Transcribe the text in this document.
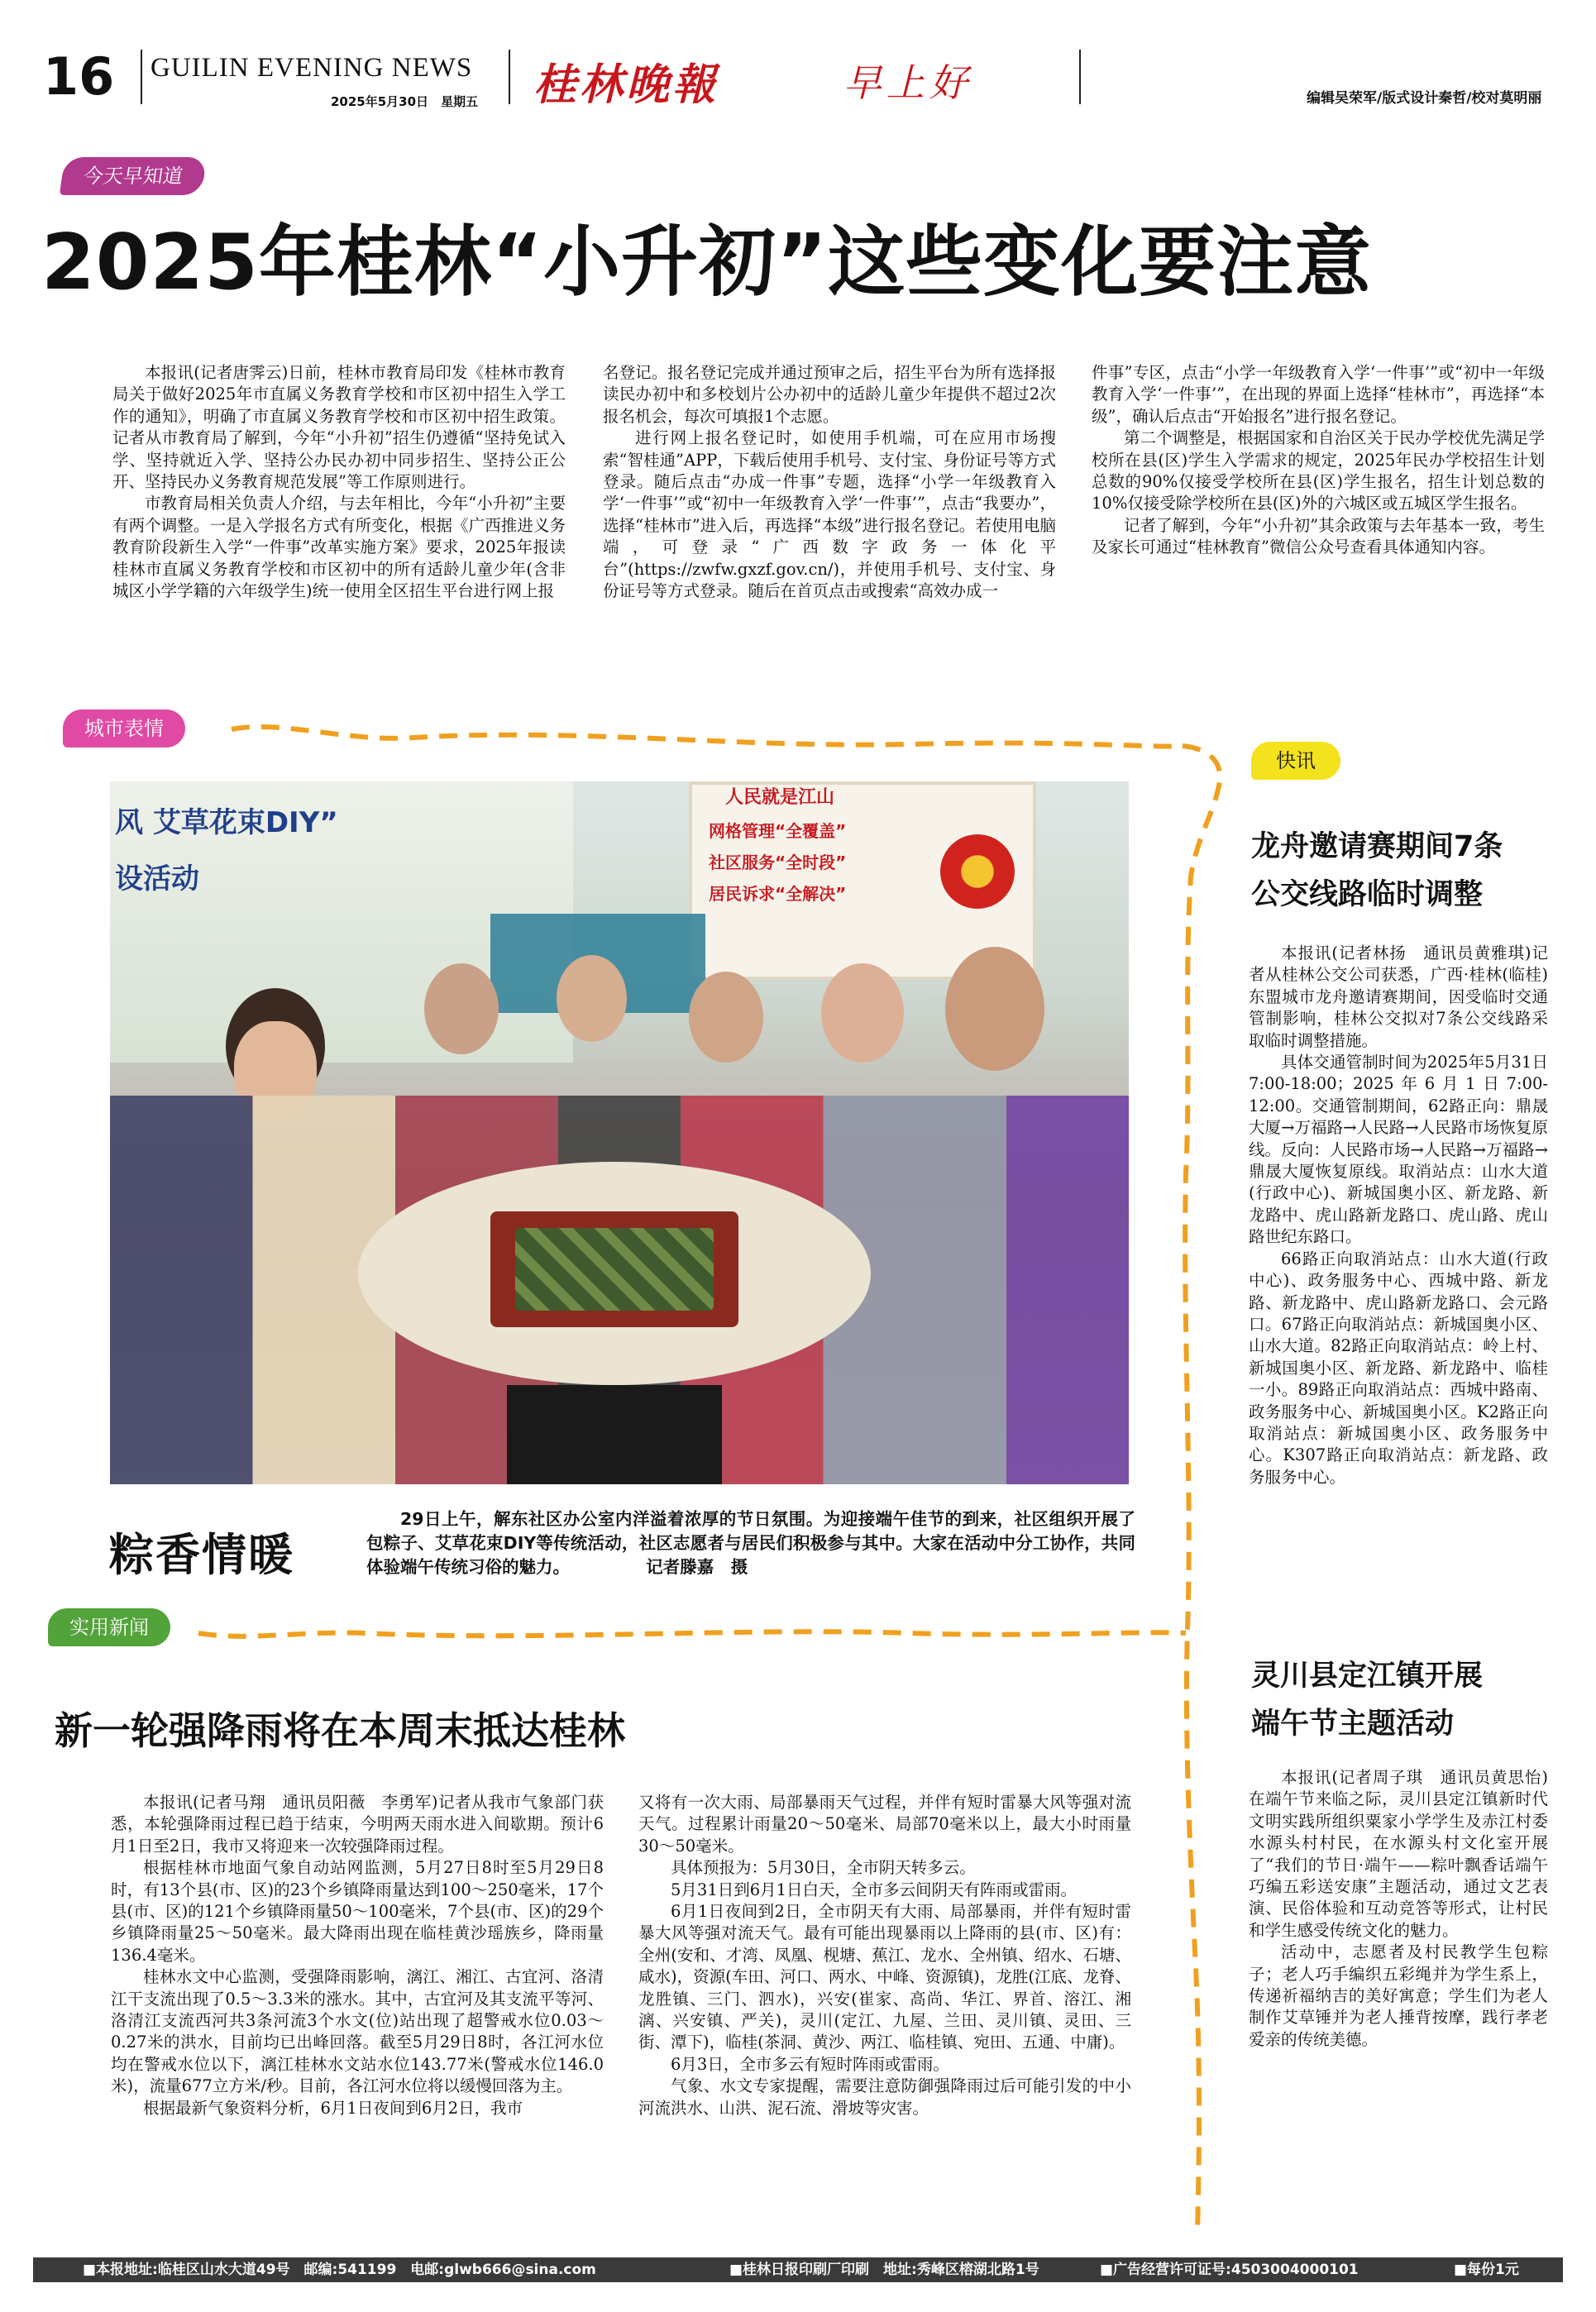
16 GUILIN EVENING NEWS
2025年5月30日　 星期五 桂林晚報	早上好	编辑吴荣军/版式设计秦哲/校对莫明丽
今天早知道
2025年桂林“小升初”这些变化要注意

本报讯(记者唐霁云)日前，桂林市教育局印发《桂林市教育局关于做好2025年市直属义务教育学校和市区初中招生入学工作的通知》，明确了市直属义务教育学校和市区初中招生政策。记者从市教育局了解到，今年“小升初”招生仍遵循“坚持免试入学、坚持就近入学、坚持公办民办初中同步招生、坚持公正公开、坚持民办义务教育规范发展”等工作原则进行。

市教育局相关负责人介绍，与去年相比，今年“小升初”主要有两个调整。一是入学报名方式有所变化，根据《广西推进义务教育阶段新生入学“一件事”改革实施方案》要求，2025年报读桂林市直属义务教育学校和市区初中的所有适龄儿童少年(含非城区小学学籍的六年级学生)统一使用全区招生平台进行网上报

名登记。报名登记完成并通过预审之后，招生平台为所有选择报读民办初中和多校划片公办初中的适龄儿童少年提供不超过2次报名机会，每次可填报1个志愿。

进行网上报名登记时，如使用手机端，可在应用市场搜索“智桂通”APP，下载后使用手机号、支付宝、身份证号等方式登录。随后点击“办成一件事”专题，选择“小学一年级教育入学‘一件事’”或“初中一年级教育入学‘一件事’”，点击“我要办”，选择“桂林市”进入后，再选择“本级”进行报名登记。若使用电脑端，可登录“广西数字政务一体化平台”(https://zwfw.gxzf.gov.cn/)，并使用手机号、支付宝、身份证号等方式登录。随后在首页点击或搜索“高效办成一

件事”专区，点击“小学一年级教育入学‘一件事’”或“初中一年级教育入学‘一件事’”，在出现的界面上选择“桂林市”，再选择“本级”，确认后点击“开始报名”进行报名登记。

第二个调整是，根据国家和自治区关于民办学校优先满足学校所在县(区)学生入学需求的规定，2025年民办学校招生计划总数的90%仅接受学校所在县(区)学生报名，招生计划总数的10%仅接受除学校所在县(区)外的六城区或五城区学生报名。

记者了解到，今年“小升初”其余政策与去年基本一致，考生及家长可通过“桂林教育”微信公众号查看具体通知内容。

城市表情
风 艾草花束DIY”
设活动
人民就是江山
网格管理“全覆盖”
社区服务“全时段”
居民诉求“全解决”
粽香情暖
29日上午，解东社区办公室内洋溢着浓厚的节日氛围。为迎接端午佳节的到来，社区组织开展了包粽子、艾草花束DIY等传统活动，社区志愿者与居民们积极参与其中。大家在活动中分工协作，共同体验端午传统习俗的魅力。　　　　　	记者滕嘉　摄
实用新闻
新一轮强降雨将在本周末抵达桂林

本报讯(记者马翔　通讯员阳薇　李勇军)记者从我市气象部门获悉，本轮强降雨过程已趋于结束，今明两天雨水进入间歇期。预计6月1日至2日，我市又将迎来一次较强降雨过程。

根据桂林市地面气象自动站网监测，5月27日8时至5月29日8时，有13个县(市、区)的23个乡镇降雨量达到100～250毫米，17个县(市、区)的121个乡镇降雨量50～100毫米，7个县(市、区)的29个乡镇降雨量25～50毫米。最大降雨出现在临桂黄沙瑶族乡，降雨量136.4毫米。

桂林水文中心监测，受强降雨影响，漓江、湘江、古宜河、洛清江干支流出现了0.5～3.3米的涨水。其中，古宜河及其支流平等河、洛清江支流西河共3条河流3个水文(位)站出现了超警戒水位0.03～0.27米的洪水，目前均已出峰回落。截至5月29日8时，各江河水位均在警戒水位以下，漓江桂林水文站水位143.77米(警戒水位146.0米)，流量677立方米/秒。目前，各江河水位将以缓慢回落为主。

根据最新气象资料分析，6月1日夜间到6月2日，我市

又将有一次大雨、局部暴雨天气过程，并伴有短时雷暴大风等强对流天气。过程累计雨量20～50毫米、局部70毫米以上，最大小时雨量30～50毫米。

具体预报为：5月30日，全市阴天转多云。

5月31日到6月1日白天，全市多云间阴天有阵雨或雷雨。

6月1日夜间到2日，全市阴天有大雨、局部暴雨，并伴有短时雷暴大风等强对流天气。最有可能出现暴雨以上降雨的县(市、区)有：全州(安和、才湾、凤凰、枧塘、蕉江、龙水、全州镇、绍水、石塘、咸水)，资源(车田、河口、两水、中峰、资源镇)，龙胜(江底、龙脊、龙胜镇、三门、泗水)，兴安(崔家、高尚、华江、界首、溶江、湘漓、兴安镇、严关)，灵川(定江、九屋、兰田、灵川镇、灵田、三街、潭下)，临桂(茶洞、黄沙、两江、临桂镇、宛田、五通、中庸)。

6月3日，全市多云有短时阵雨或雷雨。

气象、水文专家提醒，需要注意防御强降雨过后可能引发的中小河流洪水、山洪、泥石流、滑坡等灾害。

快讯
龙舟邀请赛期间7条
公交线路临时调整

本报讯(记者林扬　通讯员黄雅琪)记者从桂林公交公司获悉，广西·桂林(临桂)东盟城市龙舟邀请赛期间，因受临时交通管制影响，桂林公交拟对7条公交线路采取临时调整措施。

具体交通管制时间为2025年5月31日7:00-18:00；2025年6月1日7:00-12:00。交通管制期间，62路正向：鼎晟大厦→万福路→人民路→人民路市场恢复原线。反向：人民路市场→人民路→万福路→鼎晟大厦恢复原线。取消站点：山水大道(行政中心)、新城国奥小区、新龙路、新龙路中、虎山路新龙路口、虎山路、虎山路世纪东路口。

66路正向取消站点：山水大道(行政中心)、政务服务中心、西城中路、新龙路、新龙路中、虎山路新龙路口、会元路口。67路正向取消站点：新城国奥小区、山水大道。82路正向取消站点：岭上村、新城国奥小区、新龙路、新龙路中、临桂一小。89路正向取消站点：西城中路南、政务服务中心、新城国奥小区。K2路正向取消站点：新城国奥小区、政务服务中心。K307路正向取消站点：新龙路、政务服务中心。

灵川县定江镇开展
端午节主题活动

本报讯(记者周子琪　通讯员黄思怡)在端午节来临之际，灵川县定江镇新时代文明实践所组织粟家小学学生及赤江村委水源头村村民，在水源头村文化室开展了“我们的节日·端午——粽叶飘香话端午　巧编五彩送安康”主题活动，通过文艺表演、民俗体验和互动竞答等形式，让村民和学生感受传统文化的魅力。

活动中，志愿者及村民教学生包粽子；老人巧手编织五彩绳并为学生系上，传递祈福纳吉的美好寓意；学生们为老人制作艾草锤并为老人捶背按摩，践行孝老爱亲的传统美德。

■本报地址:临桂区山水大道49号　邮编:541199　电邮:glwb666@sina.com	■桂林日报印刷厂印刷　地址:秀峰区榕湖北路1号	■广告经营许可证号:4503004000101	■每份1元
